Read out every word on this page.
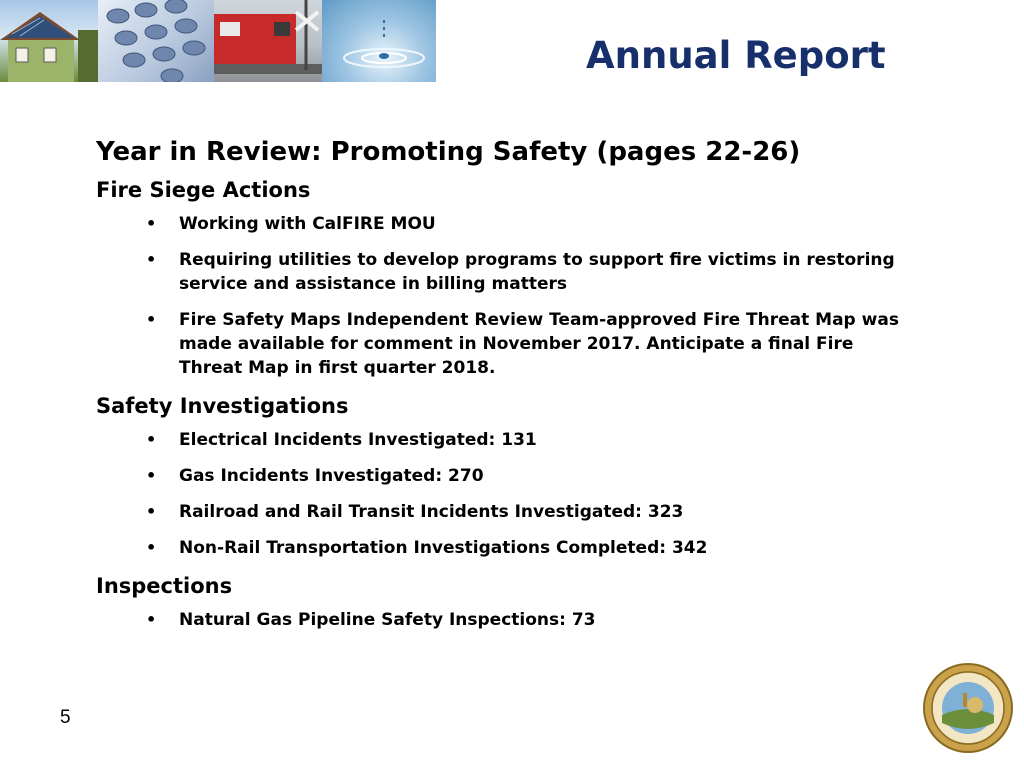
Annual Report
Year in Review: Promoting Safety (pages 22-26)
Fire Siege Actions
• Working with CalFIRE MOU
• Requiring utilities to develop programs to support fire victims in restoring service and assistance in billing matters
• Fire Safety Maps Independent Review Team-approved Fire Threat Map was made available for comment in November 2017. Anticipate a final Fire Threat Map in first quarter 2018.
Safety Investigations
• Electrical Incidents Investigated: 131
• Gas Incidents Investigated: 270
• Railroad and Rail Transit Incidents Investigated: 323
• Non-Rail Transportation Investigations Completed: 342
Inspections
• Natural Gas Pipeline Safety Inspections: 73
5
